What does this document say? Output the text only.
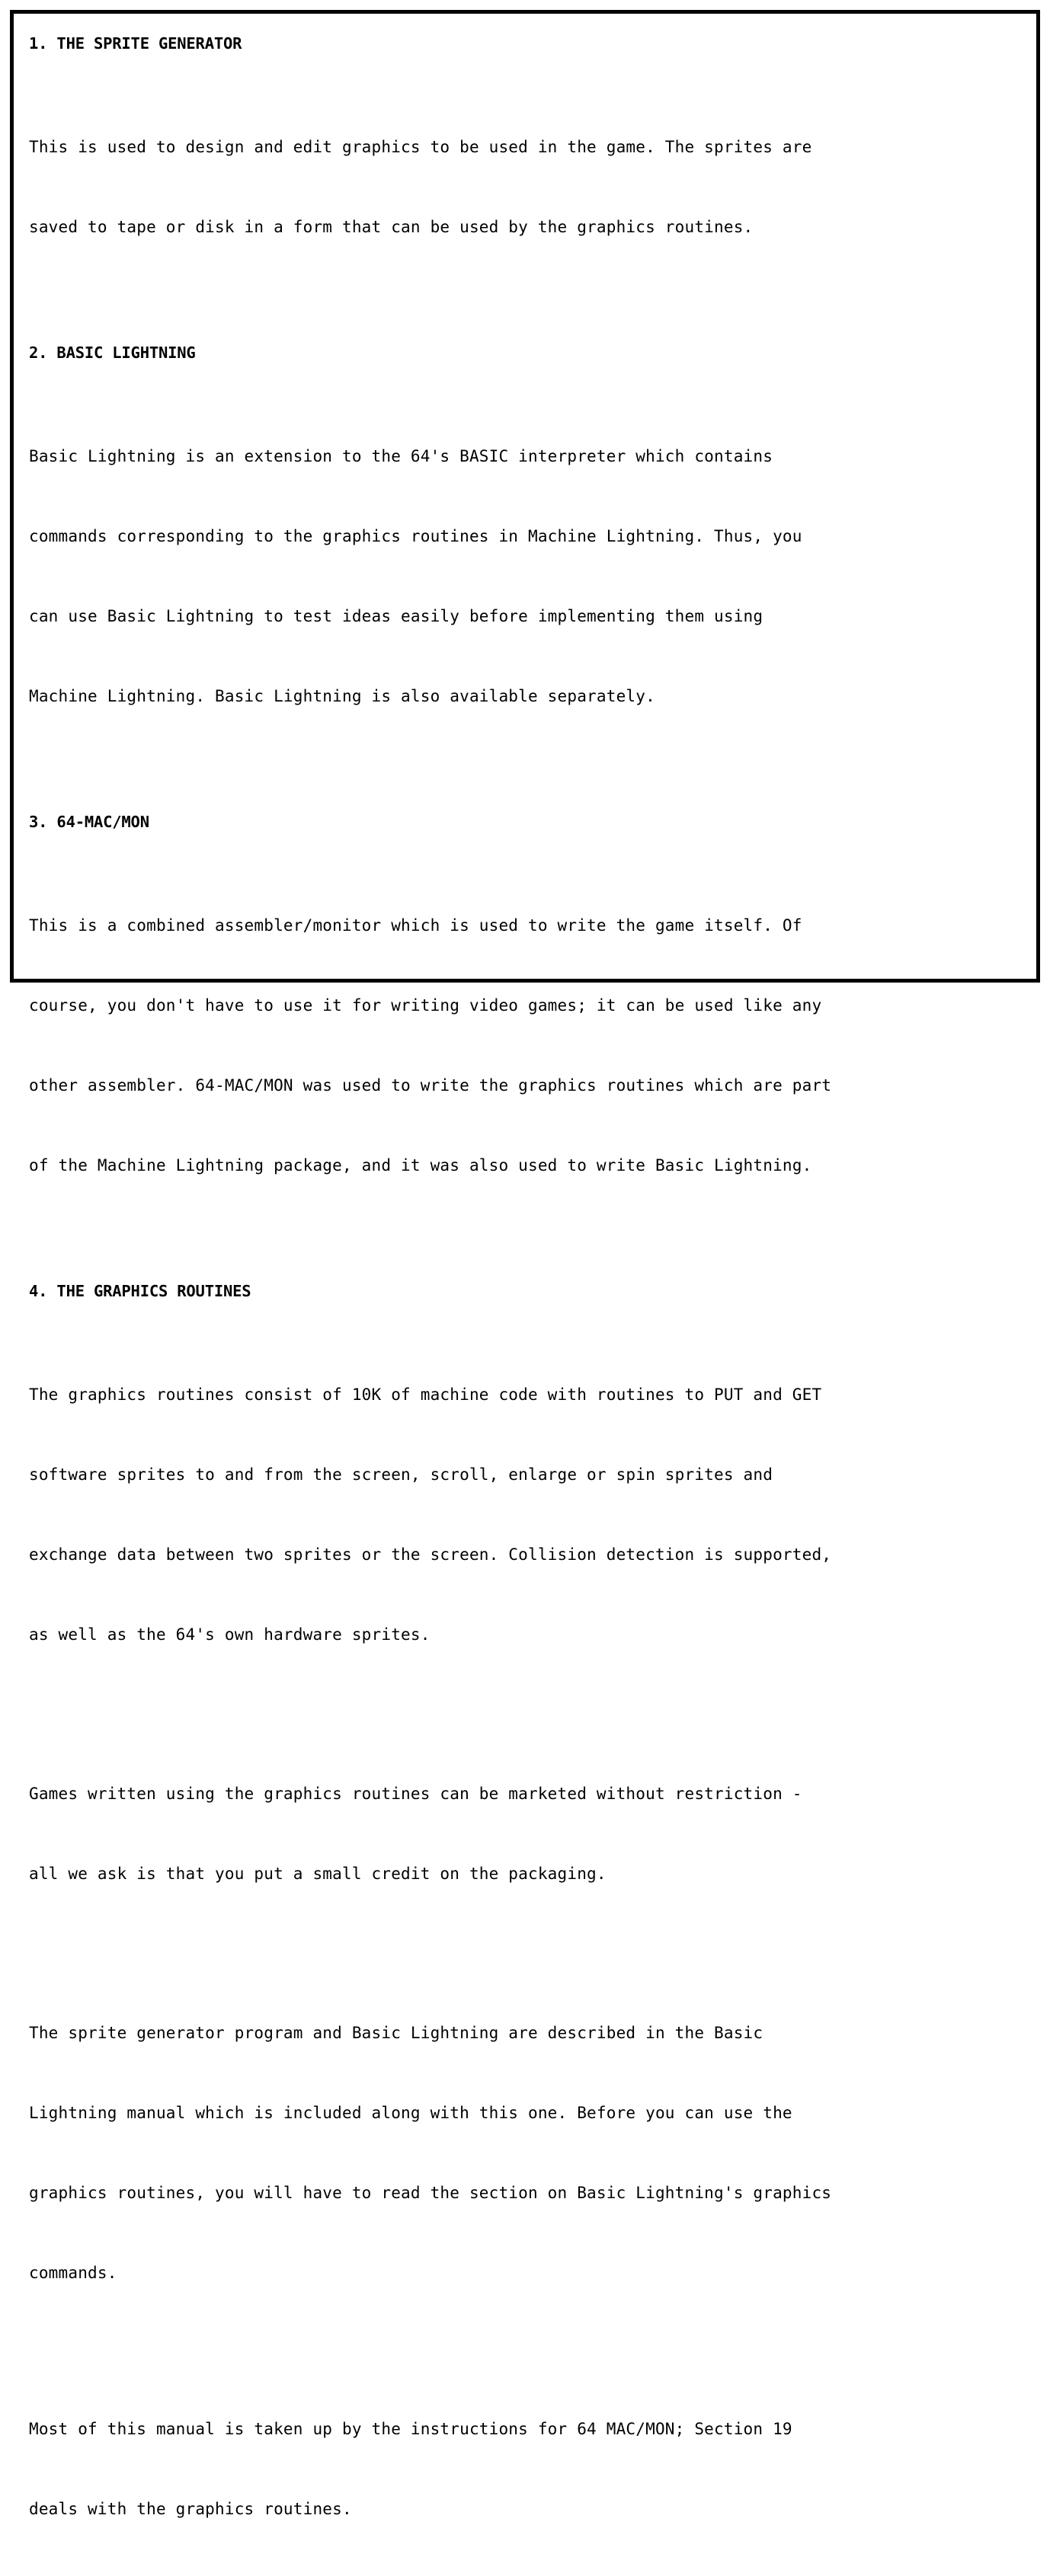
1. THE SPRITE GENERATOR

This is used to design and edit graphics to be used in the game. The sprites are

saved to tape or disk in a form that can be used by the graphics routines.

2. BASIC LIGHTNING

Basic Lightning is an extension to the 64's BASIC interpreter which contains

commands corresponding to the graphics routines in Machine Lightning. Thus, you

can use Basic Lightning to test ideas easily before implementing them using

Machine Lightning. Basic Lightning is also available separately.

3. 64-MAC/MON

This is a combined assembler/monitor which is used to write the game itself. Of

course, you don't have to use it for writing video games; it can be used like any

other assembler. 64-MAC/MON was used to write the graphics routines which are part

of the Machine Lightning package, and it was also used to write Basic Lightning.

4. THE GRAPHICS ROUTINES

The graphics routines consist of 10K of machine code with routines to PUT and GET

software sprites to and from the screen, scroll, enlarge or spin sprites and

exchange data between two sprites or the screen. Collision detection is supported,

as well as the 64's own hardware sprites.

Games written using the graphics routines can be marketed without restriction -

all we ask is that you put a small credit on the packaging.

The sprite generator program and Basic Lightning are described in the Basic

Lightning manual which is included along with this one. Before you can use the

graphics routines, you will have to read the section on Basic Lightning's graphics

commands.

Most of this manual is taken up by the instructions for 64 MAC/MON; Section 19

deals with the graphics routines.
